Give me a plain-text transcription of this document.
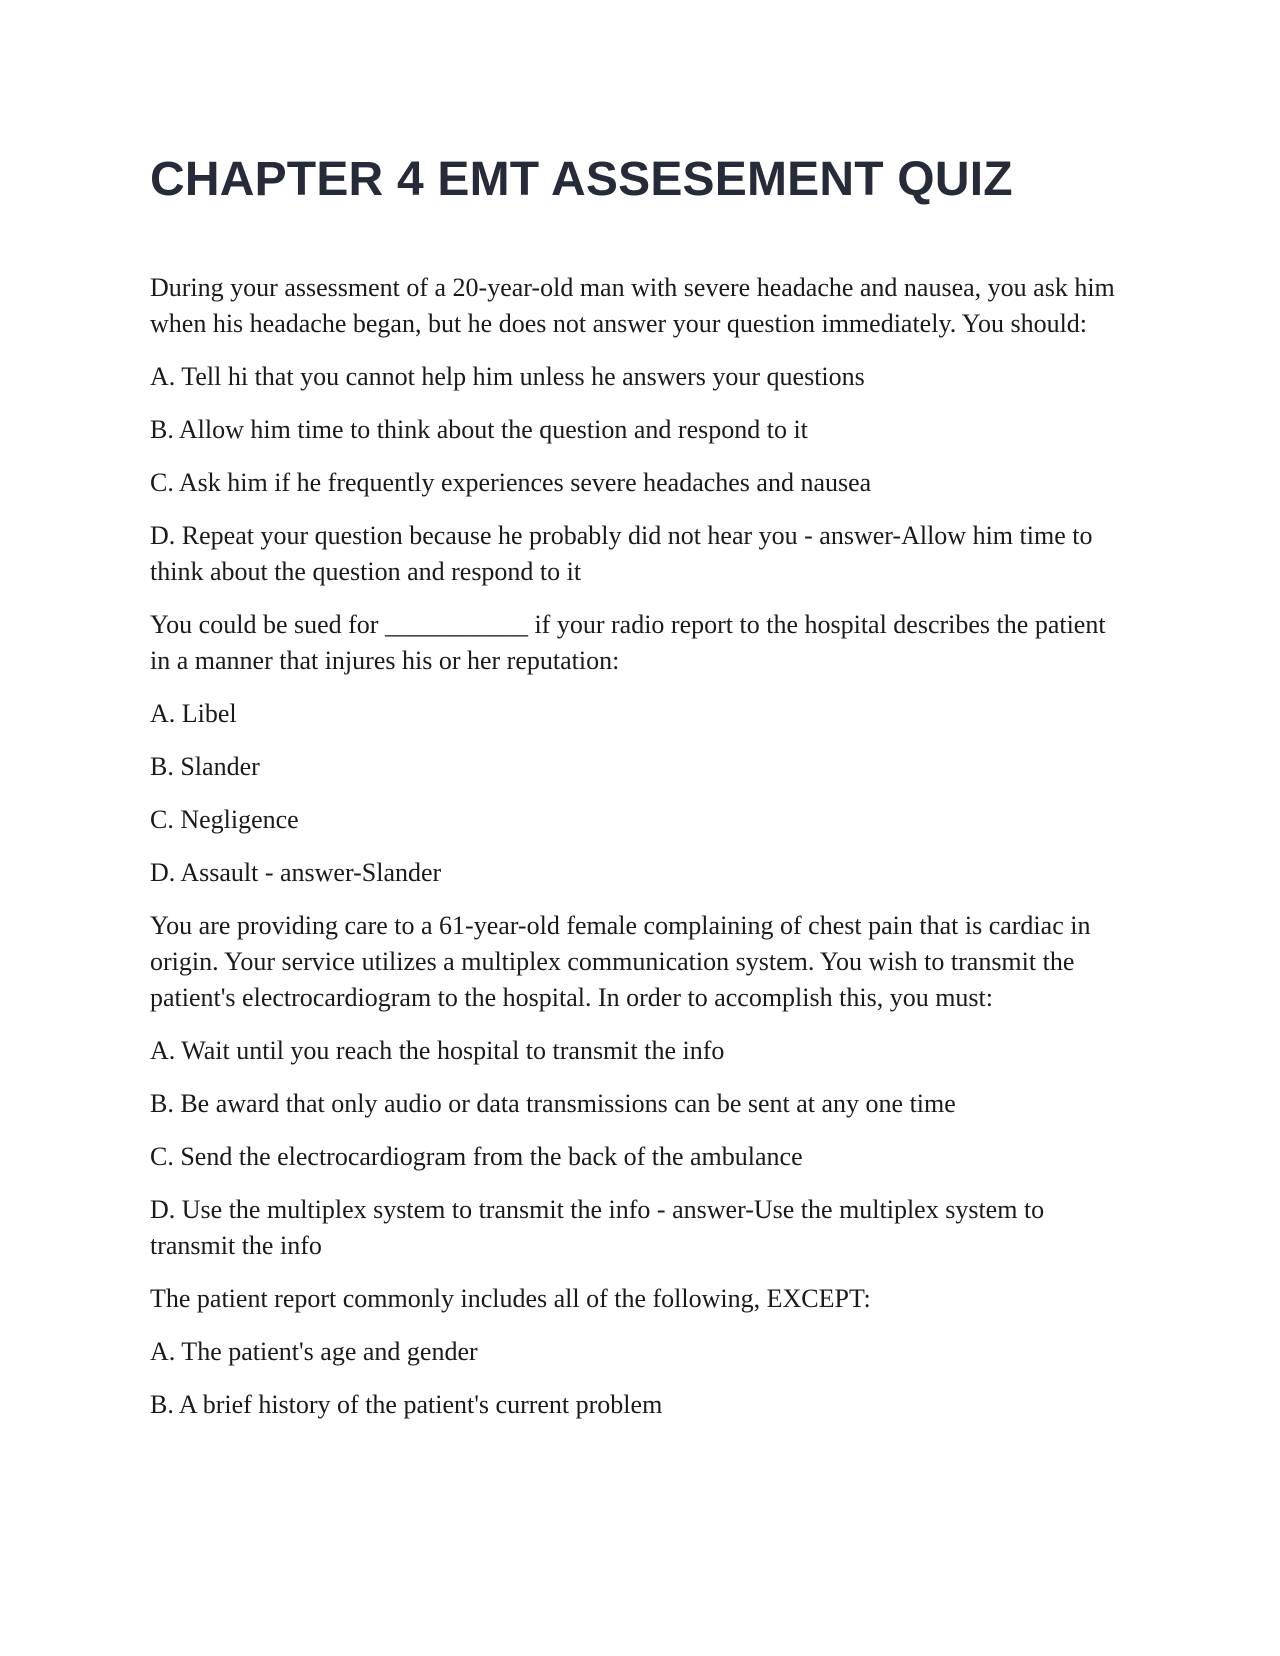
CHAPTER 4 EMT ASSESEMENT QUIZ

During your assessment of a 20-year-old man with severe headache and nausea, you ask him when his headache began, but he does not answer your question immediately. You should:

A. Tell hi that you cannot help him unless he answers your questions

B. Allow him time to think about the question and respond to it

C. Ask him if he frequently experiences severe headaches and nausea

D. Repeat your question because he probably did not hear you - answer-Allow him time to think about the question and respond to it

You could be sued for ___________ if your radio report to the hospital describes the patient in a manner that injures his or her reputation:

A. Libel

B. Slander

C. Negligence

D. Assault - answer-Slander

You are providing care to a 61-year-old female complaining of chest pain that is cardiac in origin. Your service utilizes a multiplex communication system. You wish to transmit the patient's electrocardiogram to the hospital. In order to accomplish this, you must:

A. Wait until you reach the hospital to transmit the info

B. Be award that only audio or data transmissions can be sent at any one time

C. Send the electrocardiogram from the back of the ambulance

D. Use the multiplex system to transmit the info - answer-Use the multiplex system to transmit the info

The patient report commonly includes all of the following, EXCEPT:

A. The patient's age and gender

B. A brief history of the patient's current problem
